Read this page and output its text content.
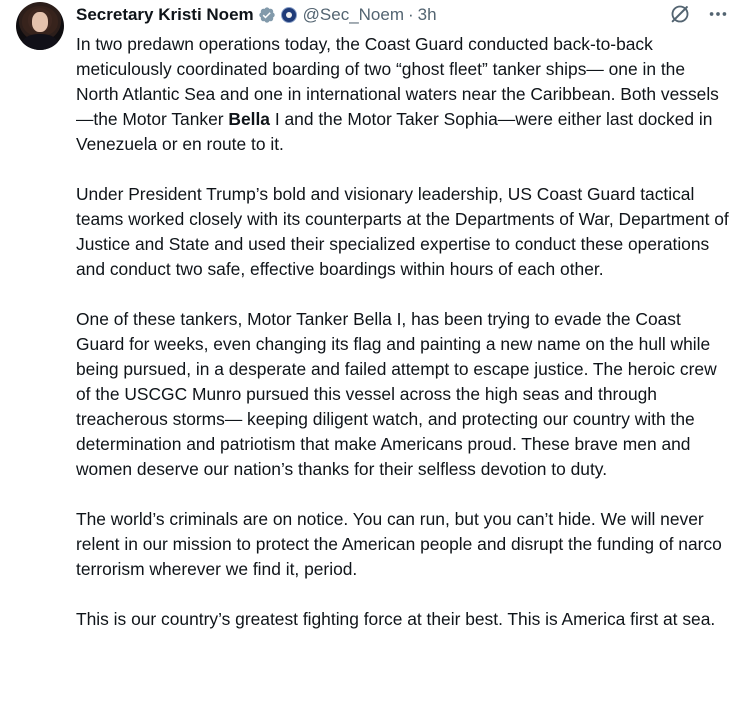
Secretary Kristi Noem	@Sec_Noem · 3h

In two predawn operations today, the Coast Guard conducted back-to-back meticulously coordinated boarding of two “ghost fleet” tanker ships— one in the North Atlantic Sea and one in international waters near the Caribbean. Both vessels —the Motor Tanker Bella I and the Motor Taker Sophia—were either last docked in Venezuela or en route to it.

Under President Trump’s bold and visionary leadership, US Coast Guard tactical teams worked closely with its counterparts at the Departments of War, Department of Justice and State and used their specialized expertise to conduct these operations and conduct two safe, effective boardings within hours of each other.

One of these tankers, Motor Tanker Bella I, has been trying to evade the Coast Guard for weeks, even changing its flag and painting a new name on the hull while being pursued, in a desperate and failed attempt to escape justice. The heroic crew of the USCGC Munro pursued this vessel across the high seas and through treacherous storms— keeping diligent watch, and protecting our country with the determination and patriotism that make Americans proud. These brave men and women deserve our nation’s thanks for their selfless devotion to duty.

The world’s criminals are on notice. You can run, but you can’t hide. We will never relent in our mission to protect the American people and disrupt the funding of narco terrorism wherever we find it, period.

This is our country’s greatest fighting force at their best. This is America first at sea.
